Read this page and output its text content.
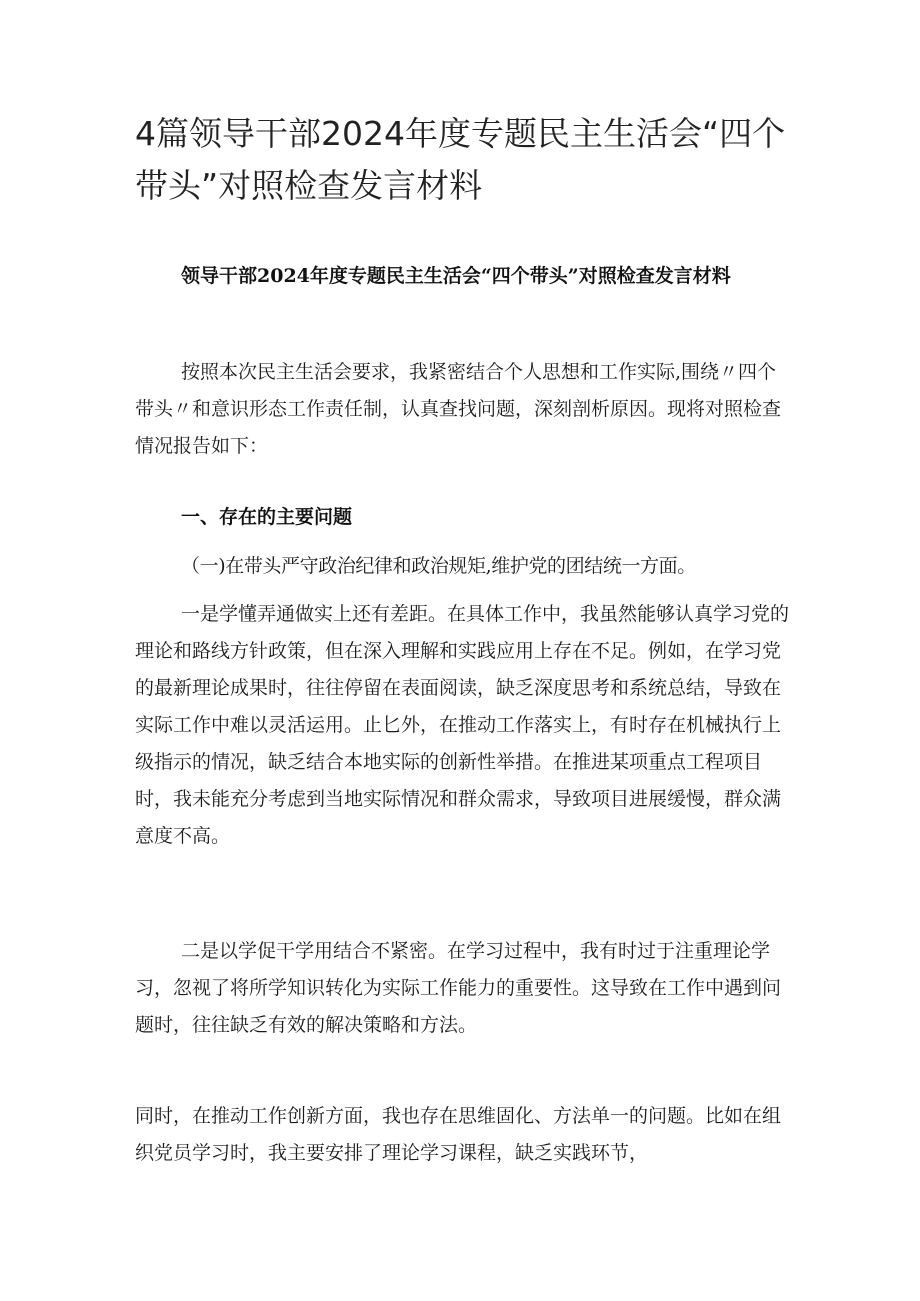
4篇领导干部2024年度专题民主生活会“四个带头”对照检查发言材料

领导干部2024年度专题民主生活会“四个带头”对照检查发言材料

按照本次民主生活会要求，我紧密结合个人思想和工作实际,围绕〃四个带头〃和意识形态工作责任制，认真查找问题，深刻剖析原因。现将对照检查情况报告如下：

一、存在的主要问题

（一)在带头严守政治纪律和政治规矩,维护党的团结统一方面。

一是学懂弄通做实上还有差距。在具体工作中，我虽然能够认真学习党的理论和路线方针政策，但在深入理解和实践应用上存在不足。例如，在学习党的最新理论成果时，往往停留在表面阅读，缺乏深度思考和系统总结，导致在实际工作中难以灵活运用。止匕外，在推动工作落实上，有时存在机械执行上级指示的情况，缺乏结合本地实际的创新性举措。在推进某项重点工程项目时，我未能充分考虑到当地实际情况和群众需求，导致项目进展缓慢，群众满意度不高。

二是以学促干学用结合不紧密。在学习过程中，我有时过于注重理论学习，忽视了将所学知识转化为实际工作能力的重要性。这导致在工作中遇到问题时，往往缺乏有效的解决策略和方法。

同时，在推动工作创新方面，我也存在思维固化、方法单一的问题。比如在组织党员学习时，我主要安排了理论学习课程，缺乏实践环节，
